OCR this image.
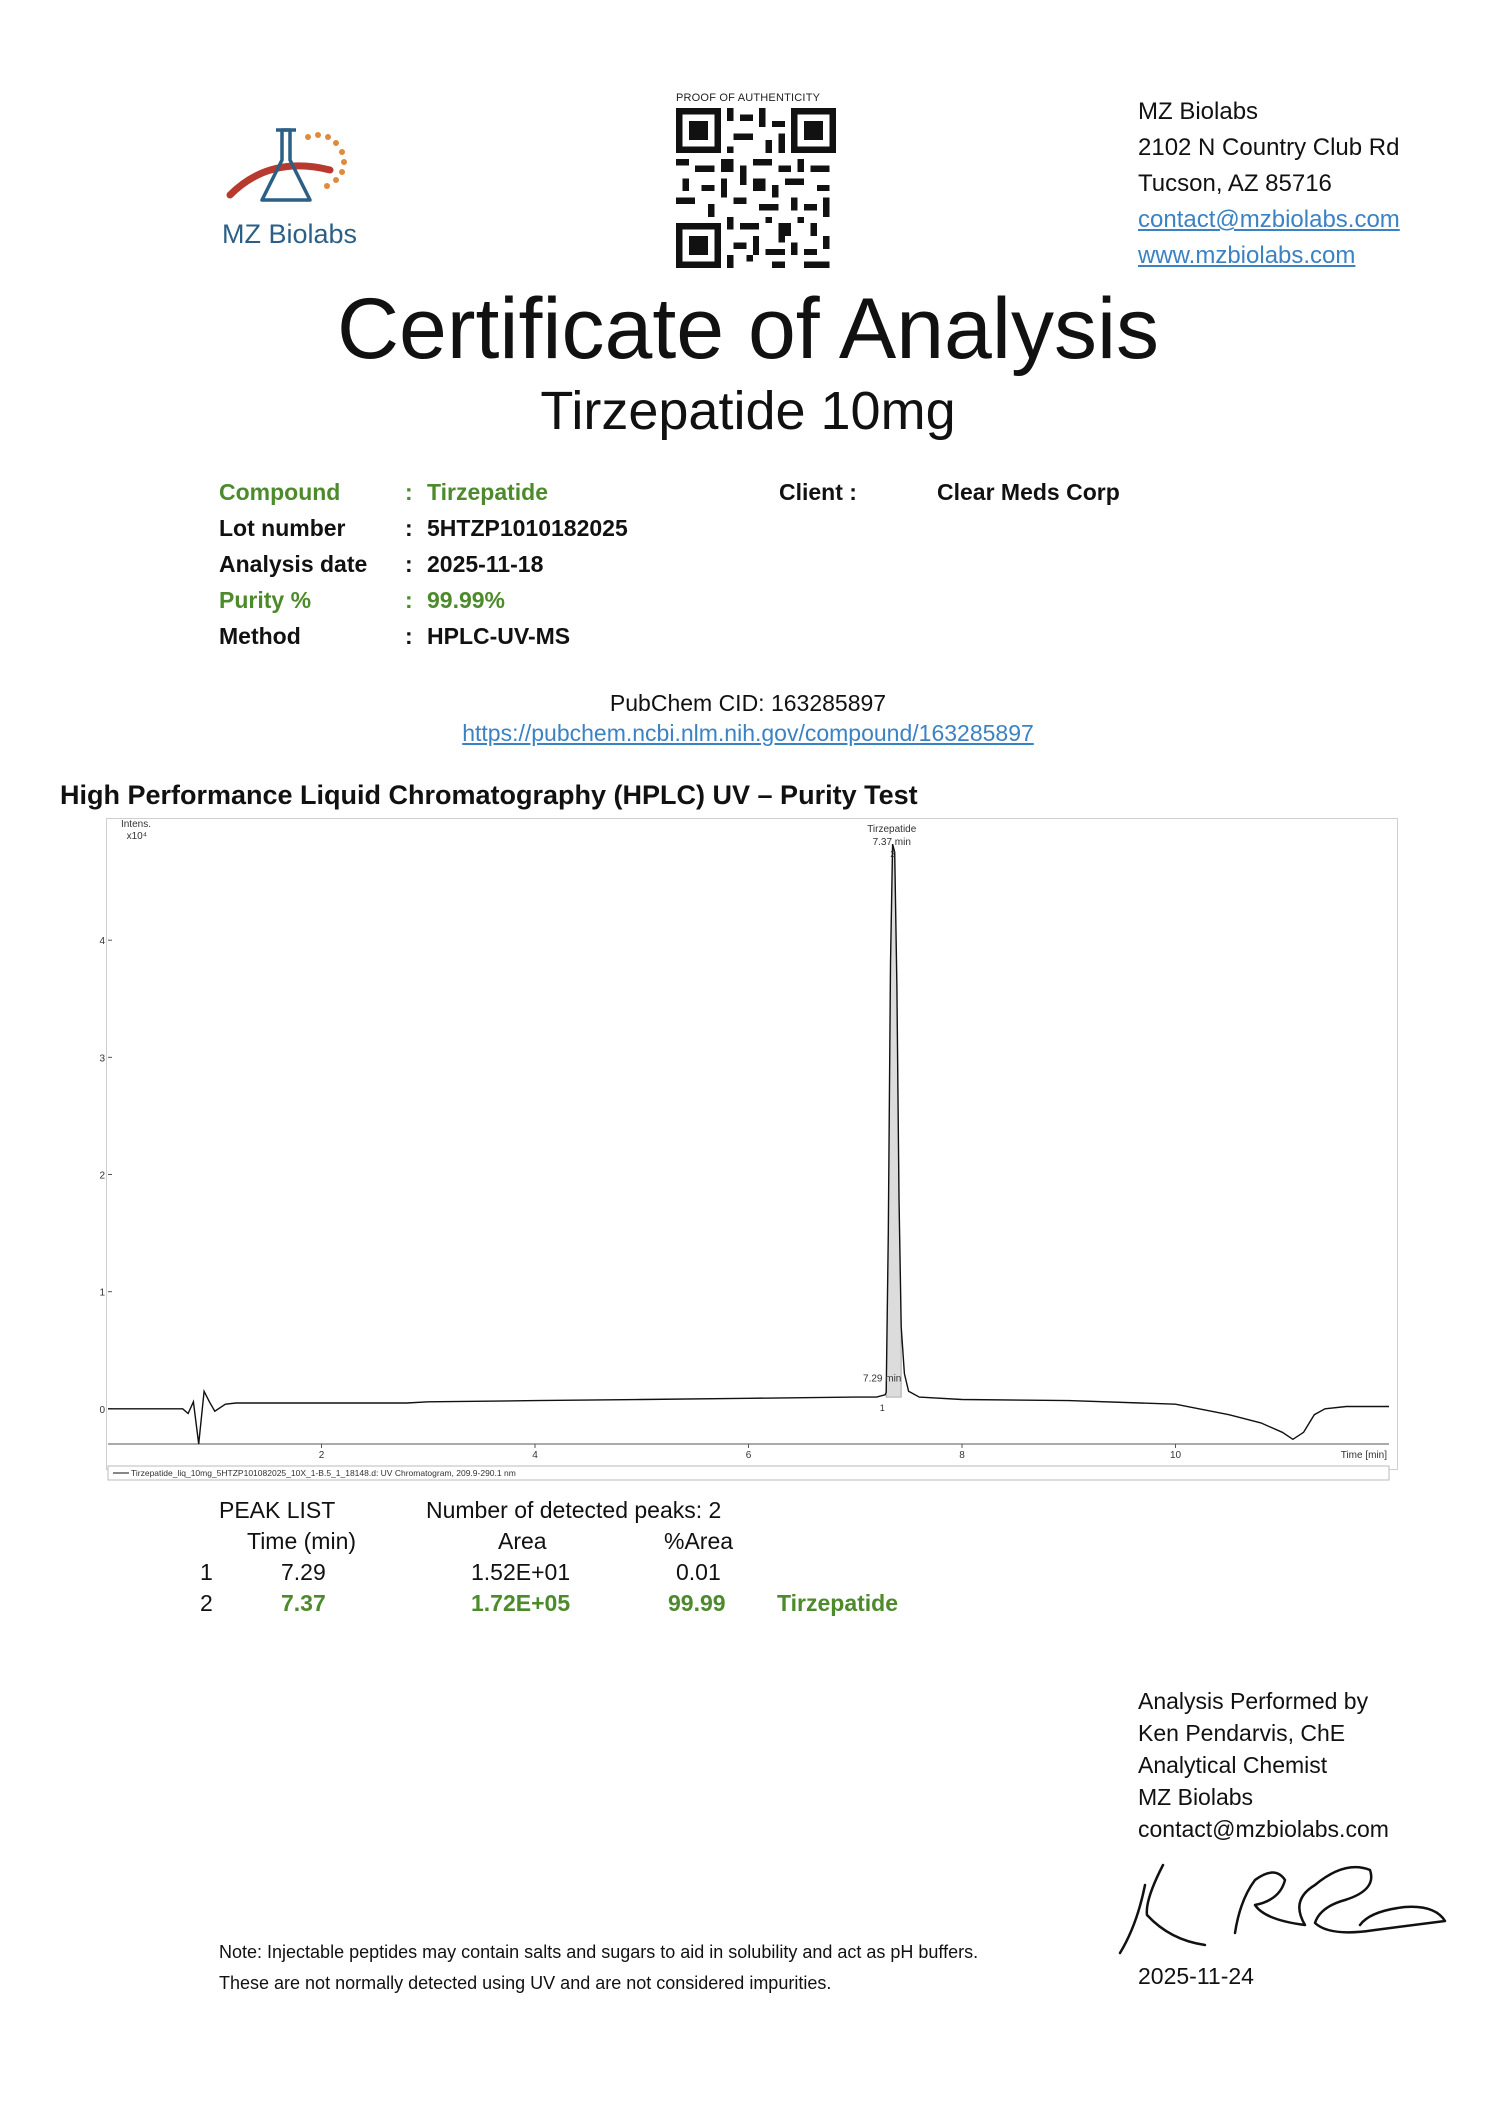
MZ Biolabs
PROOF OF AUTHENTICITY	MZ Biolabs
2102 N Country Club Rd
Tucson, AZ 85716
contact@mzbiolabs.com
www.mzbiolabs.com
Certificate of Analysis
Tirzepatide 10mg
Compound	: Tirzepatide
Lot number	: 5HTZP1010182025
Analysis date : 2025-11-18
Purity %	: 99.99%
Method	: HPLC-UV-MS
Client :	Clear Meds Corp
PubChem CID: 163285897
https://pubchem.ncbi.nlm.nih.gov/compound/163285897
High Performance Liquid Chromatography (HPLC) UV – Purity Test
Intens.
x10⁴
0
1
2
3
4
2	4	6	8	10	Time [min]
Tirzepatide
7.37 min
2
7.29 min
1
Tirzepatide_liq_10mg_5HTZP101082025_10X_1-B.5_1_18148.d: UV Chromatogram, 209.9-290.1 nm
PEAK LIST	Number of detected peaks: 2
Time (min)	Area	%Area
1	7.29	1.52E+01	0.01
2	7.37	1.72E+05	99.99 Tirzepatide
Analysis Performed by
Ken Pendarvis, ChE
Analytical Chemist
MZ Biolabs
contact@mzbiolabs.com
2025-11-24
Note: Injectable peptides may contain salts and sugars to aid in solubility and act as pH buffers.
These are not normally detected using UV and are not considered impurities.
